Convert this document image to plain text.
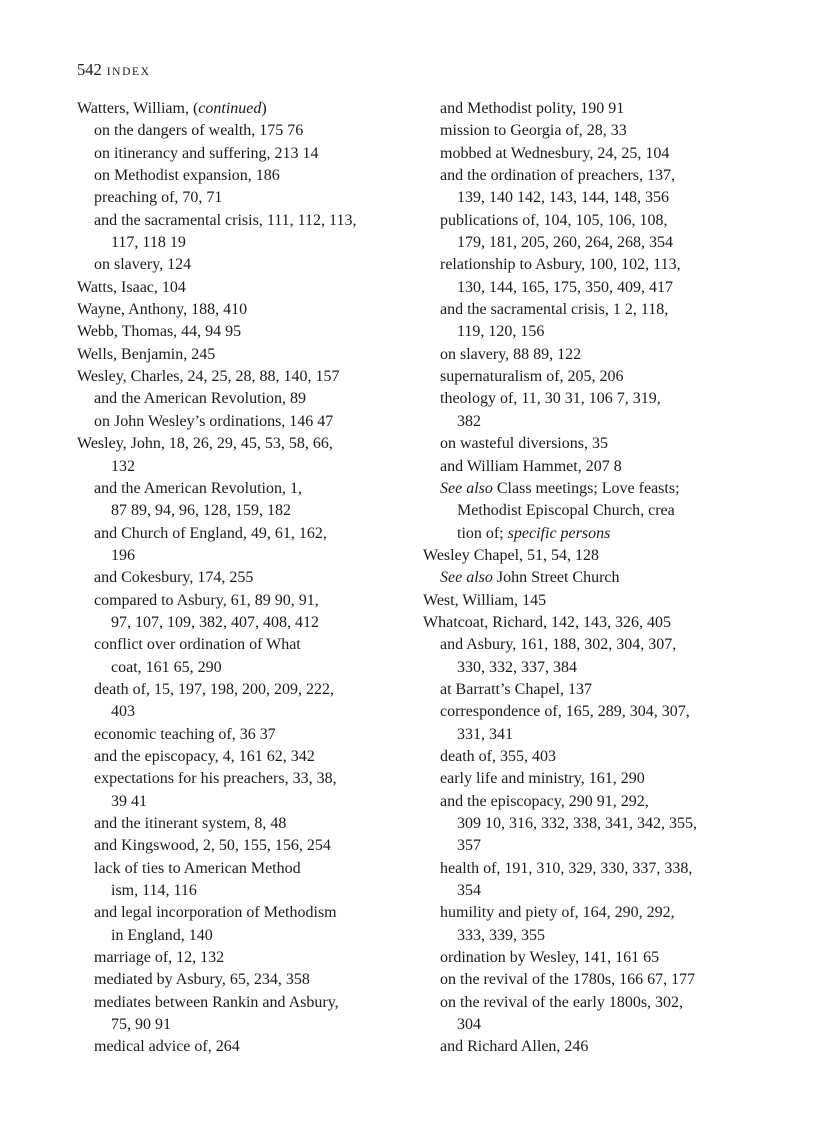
542 INDEX
Watters, William, (continued)
on the dangers of wealth, 175 76
on itinerancy and suffering, 213 14
on Methodist expansion, 186
preaching of, 70, 71
and the sacramental crisis, 111, 112, 113,
117, 118 19
on slavery, 124
Watts, Isaac, 104
Wayne, Anthony, 188, 410
Webb, Thomas, 44, 94 95
Wells, Benjamin, 245
Wesley, Charles, 24, 25, 28, 88, 140, 157
and the American Revolution, 89
on John Wesley’s ordinations, 146 47
Wesley, John, 18, 26, 29, 45, 53, 58, 66,
132
and the American Revolution, 1,
87 89, 94, 96, 128, 159, 182
and Church of England, 49, 61, 162,
196
and Cokesbury, 174, 255
compared to Asbury, 61, 89 90, 91,
97, 107, 109, 382, 407, 408, 412
conflict over ordination of What
coat, 161 65, 290
death of, 15, 197, 198, 200, 209, 222,
403
economic teaching of, 36 37
and the episcopacy, 4, 161 62, 342
expectations for his preachers, 33, 38,
39 41
and the itinerant system, 8, 48
and Kingswood, 2, 50, 155, 156, 254
lack of ties to American Method
ism, 114, 116
and legal incorporation of Methodism
in England, 140
marriage of, 12, 132
mediated by Asbury, 65, 234, 358
mediates between Rankin and Asbury,
75, 90 91
medical advice of, 264
and Methodist polity, 190 91
mission to Georgia of, 28, 33
mobbed at Wednesbury, 24, 25, 104
and the ordination of preachers, 137,
139, 140 142, 143, 144, 148, 356
publications of, 104, 105, 106, 108,
179, 181, 205, 260, 264, 268, 354
relationship to Asbury, 100, 102, 113,
130, 144, 165, 175, 350, 409, 417
and the sacramental crisis, 1 2, 118,
119, 120, 156
on slavery, 88 89, 122
supernaturalism of, 205, 206
theology of, 11, 30 31, 106 7, 319,
382
on wasteful diversions, 35
and William Hammet, 207 8
See also Class meetings; Love feasts;
Methodist Episcopal Church, crea
tion of; specific persons
Wesley Chapel, 51, 54, 128
See also John Street Church
West, William, 145
Whatcoat, Richard, 142, 143, 326, 405
and Asbury, 161, 188, 302, 304, 307,
330, 332, 337, 384
at Barratt’s Chapel, 137
correspondence of, 165, 289, 304, 307,
331, 341
death of, 355, 403
early life and ministry, 161, 290
and the episcopacy, 290 91, 292,
309 10, 316, 332, 338, 341, 342, 355,
357
health of, 191, 310, 329, 330, 337, 338,
354
humility and piety of, 164, 290, 292,
333, 339, 355
ordination by Wesley, 141, 161 65
on the revival of the 1780s, 166 67, 177
on the revival of the early 1800s, 302,
304
and Richard Allen, 246
